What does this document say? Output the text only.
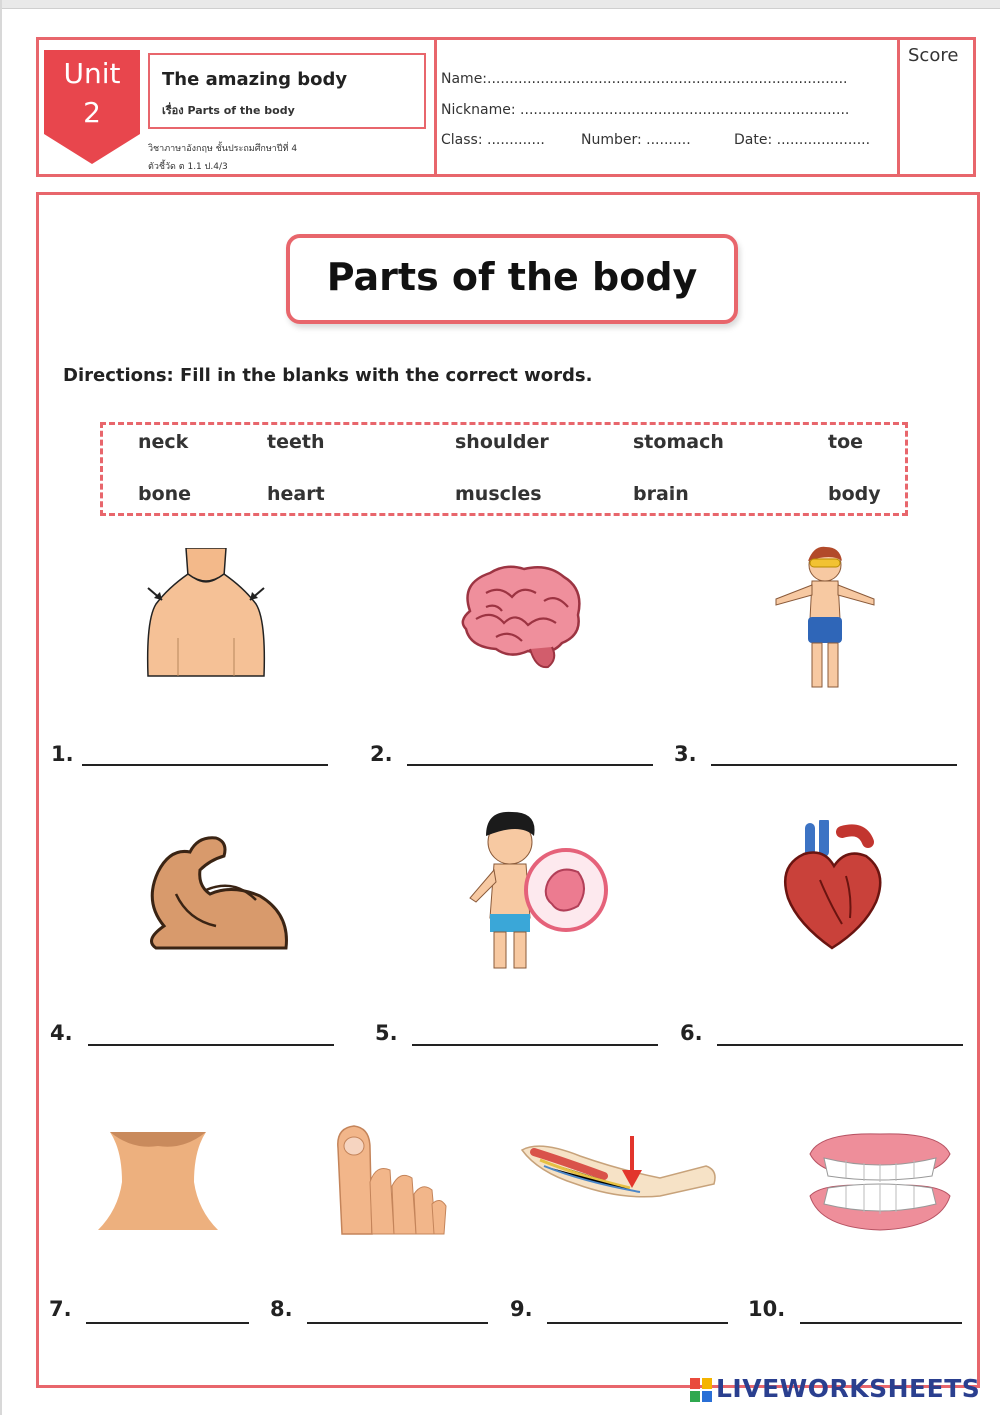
Unit
2
The amazing body
เรื่อง Parts of the body
วิชาภาษาอังกฤษ ชั้นประถมศึกษาปีที่ 4
ตัวชี้วัด ต 1.1 ป.4/3
Name:.................................................................................
Nickname: ..........................................................................
Class: .............	Number: ..........	Date: .....................
Score
Parts of the body
Directions: Fill in the blanks with the correct words.
neck	teeth	shoulder	stomach	toe
bone	heart	muscles	brain	body
1.	2.	3.
4.	5.	6.
7.	8.	9.	10.
LIVEWORKSHEETS
